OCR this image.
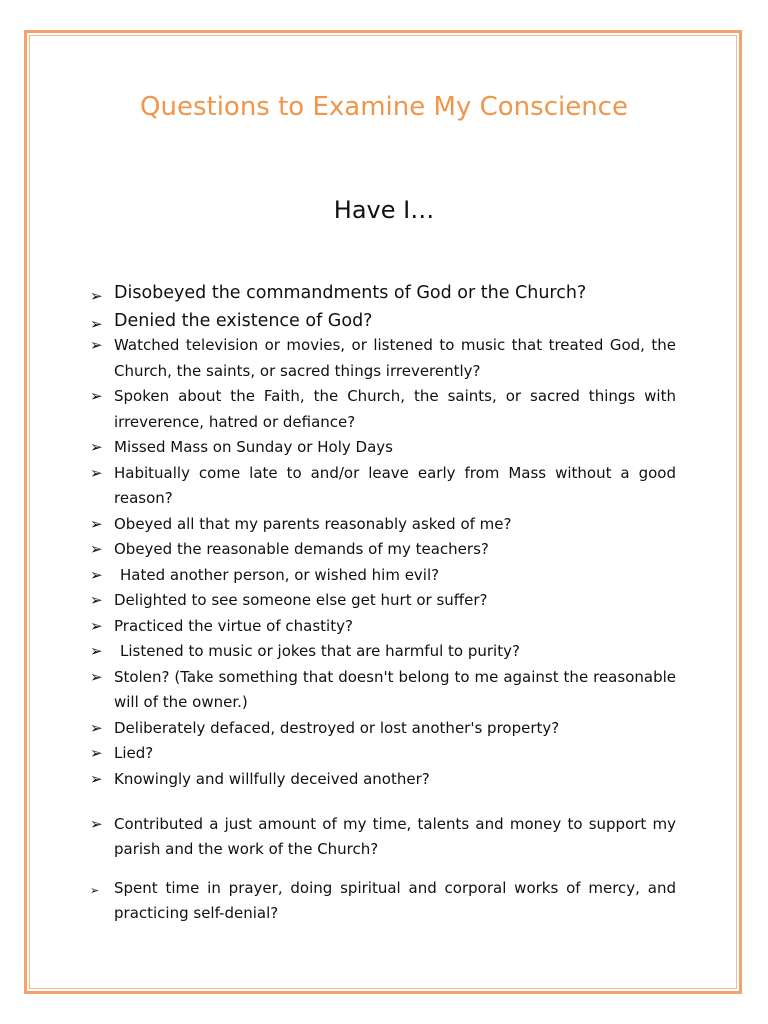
Questions to Examine My Conscience
Have I…
➢ Disobeyed the commandments of God or the Church?
➢ Denied the existence of God?
➢ Watched television or movies, or listened to music that treated God, the Church, the saints, or sacred things irreverently?
➢ Spoken about the Faith, the Church, the saints, or sacred things with irreverence, hatred or defiance?
➢ Missed Mass on Sunday or Holy Days
➢ Habitually come late to and/or leave early from Mass without a good reason?
➢ Obeyed all that my parents reasonably asked of me?
➢ Obeyed the reasonable demands of my teachers?
➢ Hated another person, or wished him evil?
➢ Delighted to see someone else get hurt or suffer?
➢ Practiced the virtue of chastity?
➢ Listened to music or jokes that are harmful to purity?
➢ Stolen? (Take something that doesn't belong to me against the reasonable will of the owner.)
➢ Deliberately defaced, destroyed or lost another's property?
➢ Lied?
➢ Knowingly and willfully deceived another?
➢ Contributed a just amount of my time, talents and money to support my parish and the work of the Church?
➢ Spent time in prayer, doing spiritual and corporal works of mercy, and practicing self-denial?
